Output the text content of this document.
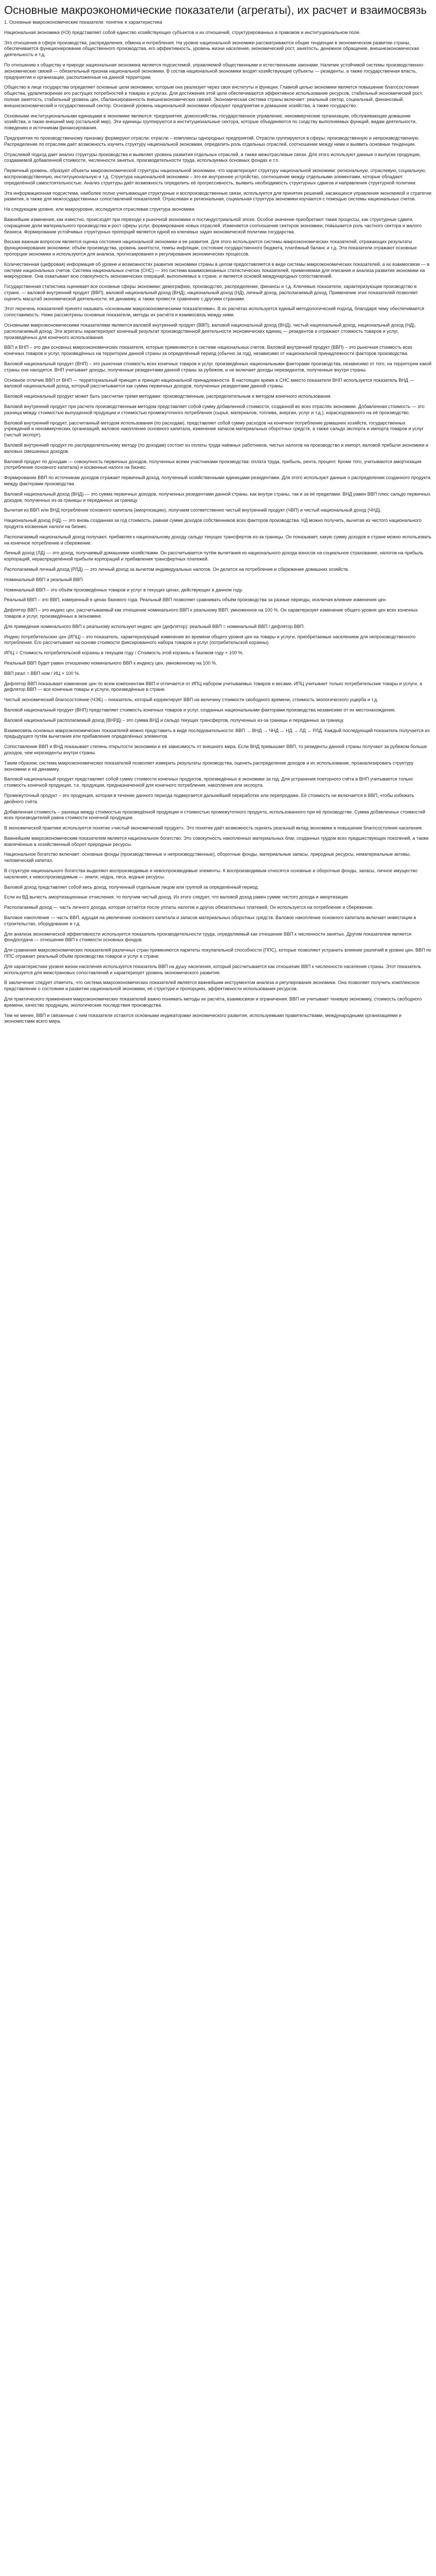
Основные макроэкономические показатели (агрегаты), их расчет и взаимосвязь

1. Основные макроэкономические показатели: понятие и характеристика

Национальная экономика (НЭ) представляет собой единство хозяйствующих субъектов и их отношений, структурированных в правовом и институциональном поле.

Это отношения в сфере производства, распределения, обмена и потребления. На уровне национальной экономики рассматриваются общие тенденции в экономическом развитии страны, обеспечивается функционирование общественного производства, его эффективность, уровень жизни населения, экономический рост, занятость, денежное обращение, внешнеэкономическая деятельность и т.д.

По отношению к обществу и природе национальная экономика является подсистемой, управляемой общественными и естественными законами. Наличие устойчивой системы производственно-экономических связей — обязательный признак национальной экономики. В состав национальной экономики входят хозяйствующие субъекты — резиденты, а также государственная власть, предприятия и организации, расположенные на данной территории.

Общество в лице государства определяет основные цели экономики, которым она реализует через свои институты и функции. Главной целью экономики является повышение благосостояния общества, удовлетворение его растущих потребностей в товарах и услугах. Для достижения этой цели обеспечиваются эффективное использование ресурсов, стабильный экономический рост, полная занятость, стабильный уровень цен, сбалансированность внешнеэкономических связей. Экономическая система страны включает: реальный сектор, социальный, финансовый, внешнеэкономический и государственный сектор. Основной уровень национальной экономики образуют предприятия и домашние хозяйства, а также государство.

Основными институциональными единицами в экономике являются: предприятия, домохозяйства, государственное управление, некоммерческие организации, обслуживающие домашние хозяйства, а также внешний мир (остальной мир). Эти единицы группируются в институциональные сектора, которые объединяются по сходству выполняемых функций, видам деятельности, поведению и источникам финансирования.

Предприятия по производственному признаку формируют отрасли: отрасли – комплексы однородных предприятий. Отрасли группируются в сферы: производственную и непроизводственную. Распределение по отраслям даёт возможность изучить структуру национальной экономики, определить роль отдельных отраслей, соотношение между ними и выявить основные тенденции.

Отраслевой подход дает анализ структуры производства и выявляет уровень развития отдельных отраслей, а также межотраслевые связи. Для этого используют данные о выпуске продукции, создаваемой добавленной стоимости, численности занятых, производительности труда, используемых основных фондах и т.п.

Первичный уровень, образуют объекты макроэкономической структуры национальной экономики, что характеризует структуру национальной экономики: региональную, отраслевую, социальную, воспроизводственную, институциональную и т.д. Структура национальной экономики – это ее внутреннее устройство, соотношение между отдельными элементами, которые обладают определённой самостоятельностью. Анализ структуры даёт возможность определить её прогрессивность, выявить необходимость структурных сдвигов и направления структурной политики.

Эта информационная подсистема, наиболее полно учитывающая структурные и воспроизводственные связи, используется для принятия решений, касающихся управления экономикой и стратегии развития, а также для межгосударственных сопоставлений показателей. Отраслевая и региональная, социальная структура экономики изучаются с помощью системы национальных счетов.

На следующем уровне, или макроуровне, исследуется отраслевая структура экономики.

Важнейшие изменения, как известно, происходят при переходе к рыночной экономике и постиндустриальной эпохе. Особое значение приобретают такие процессы, как структурные сдвиги, сокращение доли материального производства и рост сферы услуг, формирование новых отраслей. Изменяется соотношение секторов экономики, повышается роль частного сектора и малого бизнеса. Формирование устойчивых структурных пропорций является одной из ключевых задач экономической политики государства.

Весьма важным вопросом является оценка состояния национальной экономики и ее развития. Для этого используются системы макроэкономических показателей, отражающих результаты функционирования экономики: объём производства, уровень занятости, темпы инфляции, состояние государственного бюджета, платёжный баланс и т.д. Эти показатели отражают основные пропорции экономики и используются для анализа, прогнозирования и регулирования экономических процессов.

Количественная (цифровая) информация об уровне и возможностях развития экономики страны в целом предоставляется в виде системы макроэкономических показателей, а их взаимосвязи — в системе национальных счетов. Система национальных счетов (СНС) — это система взаимосвязанных статистических показателей, применяемая для описания и анализа развития экономики на макроуровне. Она охватывает всю совокупность экономических операций, выполняемых в стране, и является основой международных сопоставлений.

Государственная статистика оценивает все основные сферы экономики: демографию, производство, распределение, финансы и т.д. Ключевые показатели, характеризующие производство в стране, — валовой внутренний продукт (ВВП), валовой национальный доход (ВНД), национальный доход (НД), личный доход, располагаемый доход. Применение этих показателей позволяет оценить масштаб экономической деятельности, её динамику, а также провести сравнение с другими странами.

Этот перечень показателей принято называть «основными макроэкономическими показателями». В их расчётах используется единый методологический подход, благодаря чему обеспечивается сопоставимость. Ниже рассмотрены основные показатели, методы их расчёта и взаимосвязь между ними.

Основными макроэкономическими показателями являются валовой внутренний продукт (ВВП), валовой национальный доход (ВНД), чистый национальный доход, национальный доход (НД), располагаемый доход. Эти агрегаты характеризуют конечный результат производственной деятельности экономических единиц — резидентов и отражают стоимость товаров и услуг, произведённых для конечного использования.

ВВП и ВНП – это два основных макроэкономических показателя, которые применяются в системе национальных счетов. Валовой внутренний продукт (ВВП) – это рыночная стоимость всех конечных товаров и услуг, произведённых на территории данной страны за определённый период (обычно за год), независимо от национальной принадлежности факторов производства.

Валовой национальный продукт (ВНП) – это рыночная стоимость всех конечных товаров и услуг, произведённых национальными факторами производства, независимо от того, на территории какой страны они находятся. ВНП учитывает доходы, полученные резидентами данной страны за рубежом, и не включает доходы нерезидентов, полученные внутри страны.

Основное отличие ВВП от ВНП — территориальный принцип и принцип национальной принадлежности. В настоящее время в СНС вместо показателя ВНП используется показатель ВНД — валовой национальный доход, который рассчитывается как сумма первичных доходов, полученных резидентами данной страны.

Валовой национальный продукт может быть рассчитан тремя методами: производственным, распределительным и методом конечного использования.

Валовой внутренний продукт при расчете производственным методом представляет собой сумму добавленной стоимости, созданной во всех отраслях экономики. Добавленная стоимость — это разница между стоимостью выпущенной продукции и стоимостью промежуточного потребления (сырья, материалов, топлива, энергии, услуг и т.д.), израсходованного на её производство.

Валовой внутренний продукт, рассчитанный методом использования (по расходам), представляет собой сумму расходов на конечное потребление домашних хозяйств, государственных учреждений и некоммерческих организаций, валовое накопление основного капитала, изменение запасов материальных оборотных средств, а также сальдо экспорта и импорта товаров и услуг (чистый экспорт).

Валовой внутренний продукт по распределительному методу (по доходам) состоит из оплаты труда наёмных работников, чистых налогов на производство и импорт, валовой прибыли экономики и валовых смешанных доходов.

Валовой продукт по доходам — совокупность первичных доходов, полученных всеми участниками производства: оплата труда, прибыль, рента, процент. Кроме того, учитываются амортизация (потребление основного капитала) и косвенные налоги на бизнес.

Формирование ВВП по источникам доходов отражает первичный доход, полученный хозяйственными единицами-резидентами. Для этого используют данные о распределении созданного продукта между факторами производства.

Валовой национальный доход (ВНД) — это сумма первичных доходов, полученных резидентами данной страны, как внутри страны, так и за её пределами. ВНД равен ВВП плюс сальдо первичных доходов, полученных из-за границы и переданных за границу.

Вычитая из ВВП или ВНД потребление основного капитала (амортизацию), получаем соответственно чистый внутренний продукт (ЧВП) и чистый национальный доход (ЧНД).

Национальный доход (НД) — это вновь созданная за год стоимость, равная сумме доходов собственников всех факторов производства. НД можно получить, вычитая из чистого национального продукта косвенные налоги на бизнес.

Располагаемый национальный доход получают, прибавляя к национальному доходу сальдо текущих трансфертов из-за границы. Он показывает, какую сумму доходов в стране можно использовать на конечное потребление и сбережение.

Личный доход (ЛД) — это доход, получаемый домашними хозяйствами. Он рассчитывается путём вычитания из национального дохода взносов на социальное страхование, налогов на прибыль корпораций, нераспределённой прибыли корпораций и прибавления трансфертных платежей.

Располагаемый личный доход (РЛД) — это личный доход за вычетом индивидуальных налогов. Он делится на потребление и сбережение домашних хозяйств.

Номинальный ВВП и реальный ВВП.

Номинальный ВВП – это объём произведённых товаров и услуг в текущих ценах, действующих в данном году.

Реальный ВВП – это ВВП, измеренный в ценах базового года. Реальный ВВП позволяет сравнивать объём производства за разные периоды, исключая влияние изменения цен.

Дефлятор ВВП – это индекс цен, рассчитываемый как отношение номинального ВВП к реальному ВВП, умноженное на 100 %. Он характеризует изменение общего уровня цен всех конечных товаров и услуг, произведённых в экономике.

Для приведения номинального ВВП к реальному используют индекс цен (дефлятор): реальный ВВП = номинальный ВВП / дефлятор ВВП.

Индекс потребительских цен (ИПЦ) – это показатель, характеризующий изменение во времени общего уровня цен на товары и услуги, приобретаемые населением для непроизводственного потребления. Его рассчитывают на основе стоимости фиксированного набора товаров и услуг (потребительской корзины).

ИПЦ = Стоимость потребительской корзины в текущем году / Стоимость этой корзины в базовом году × 100 %.

Реальный ВВП будет равен отношению номинального ВВП к индексу цен, умноженному на 100 %.

ВВП реал = ВВП ном / ИЦ × 100 %.

Дефлятор ВВП показывает изменение цен по всем компонентам ВВП и отличается от ИПЦ набором учитываемых товаров и весами. ИПЦ учитывает только потребительские товары и услуги, а дефлятор ВВП — все конечные товары и услуги, произведённые в стране.

Чистый экономический благосостояние (ЧЭБ) – показатель, который корректирует ВВП на величину стоимости свободного времени, стоимость экологического ущерба и т.д.

Валовой национальный продукт (ВНП) представляет стоимость конечных товаров и услуг, созданных национальными факторами производства независимо от их местонахождения.

Валовой национальный располагаемый доход (ВНРД) – это сумма ВНД и сальдо текущих трансфертов, полученных из-за границы и переданных за границу.

Взаимосвязь основных макроэкономических показателей можно представить в виде последовательности: ВВП → ВНД → ЧНД → НД → ЛД → РЛД. Каждый последующий показатель получается из предыдущего путём вычитания или прибавления определённых элементов.

Сопоставление ВВП и ВНД показывает степень открытости экономики и её зависимость от внешнего мира. Если ВНД превышает ВВП, то резиденты данной страны получают за рубежом больше доходов, чем нерезиденты внутри страны.

Таким образом, система макроэкономических показателей позволяет измерить результаты производства, оценить распределение доходов и их использование, проанализировать структуру экономики и её динамику.

Валовой национальный продукт представляет собой сумму стоимости конечных продуктов, произведённых в экономике за год. Для устранения повторного счёта в ВНП учитывается только стоимость конечной продукции, т.е. продукции, предназначенной для конечного потребления, накопления или экспорта.

Промежуточный продукт – это продукция, которая в течение данного периода подвергается дальнейшей переработке или перепродаже. Её стоимость не включается в ВВП, чтобы избежать двойного счёта.

Добавленная стоимость – разница между стоимостью произведённой продукции и стоимостью промежуточного продукта, использованного при её производстве. Сумма добавленных стоимостей всех производителей равна стоимости конечной продукции.

В экономической практике используется понятие «чистый экономический продукт». Это понятие даёт возможность оценить реальный вклад экономики в повышение благосостояния населения.

Важнейшим макроэкономическим показателем является национальное богатство. Это совокупность накопленных материальных благ, созданных трудом всех предшествующих поколений, а также вовлечённые в хозяйственный оборот природные ресурсы.

Национальное богатство включает: основные фонды (производственные и непроизводственные), оборотные фонды, материальные запасы, природные ресурсы, нематериальные активы, человеческий капитал.

В структуре национального богатства выделяют воспроизводимые и невоспроизводимые элементы. К воспроизводимым относятся основные и оборотные фонды, запасы, личное имущество населения; к невоспроизводимым — земля, недра, леса, водные ресурсы.

Валовой доход представляет собой весь доход, полученный отдельным лицом или группой за определённый период.

Если из ВД вычесть амортизационные отчисления, то получим чистый доход. Из этого следует, что валовой доход равен сумме чистого дохода и амортизации.

Располагаемый доход — часть личного дохода, которая остаётся после уплаты налогов и других обязательных платежей. Он используется на потребление и сбережение.

Валовое накопление — часть ВВП, идущая на увеличение основного капитала и запасов материальных оборотных средств. Валовое накопление основного капитала включает инвестиции в строительство, оборудование и т.д.

Для анализа экономической эффективности используется показатель производительности труда, определяемый как отношение ВВП к численности занятых. Другим показателем является фондоотдача — отношение ВВП к стоимости основных фондов.

Для сравнения макроэкономических показателей различных стран применяются паритеты покупательной способности (ППС), которые позволяют устранить влияние различий в уровне цен. ВВП по ППС отражает реальный объём производства товаров и услуг в стране.

Для характеристики уровня жизни населения используется показатель ВВП на душу населения, который рассчитывается как отношение ВВП к численности населения страны. Этот показатель используется для межстрановых сопоставлений и характеризует уровень экономического развития.

В заключение следует отметить, что система макроэкономических показателей является важнейшим инструментом анализа и регулирования экономики. Она позволяет получить комплексное представление о состоянии и развитии национальной экономики, её структуре и пропорциях, эффективности использования ресурсов.

Для практического применения макроэкономических показателей важно понимать методы их расчёта, взаимосвязи и ограничения. ВВП не учитывает теневую экономику, стоимость свободного времени, качество продукции, экологические последствия производства.

Тем не менее, ВВП и связанные с ним показатели остаются основными индикаторами экономического развития, используемыми правительствами, международными организациями и экономистами всего мира.
